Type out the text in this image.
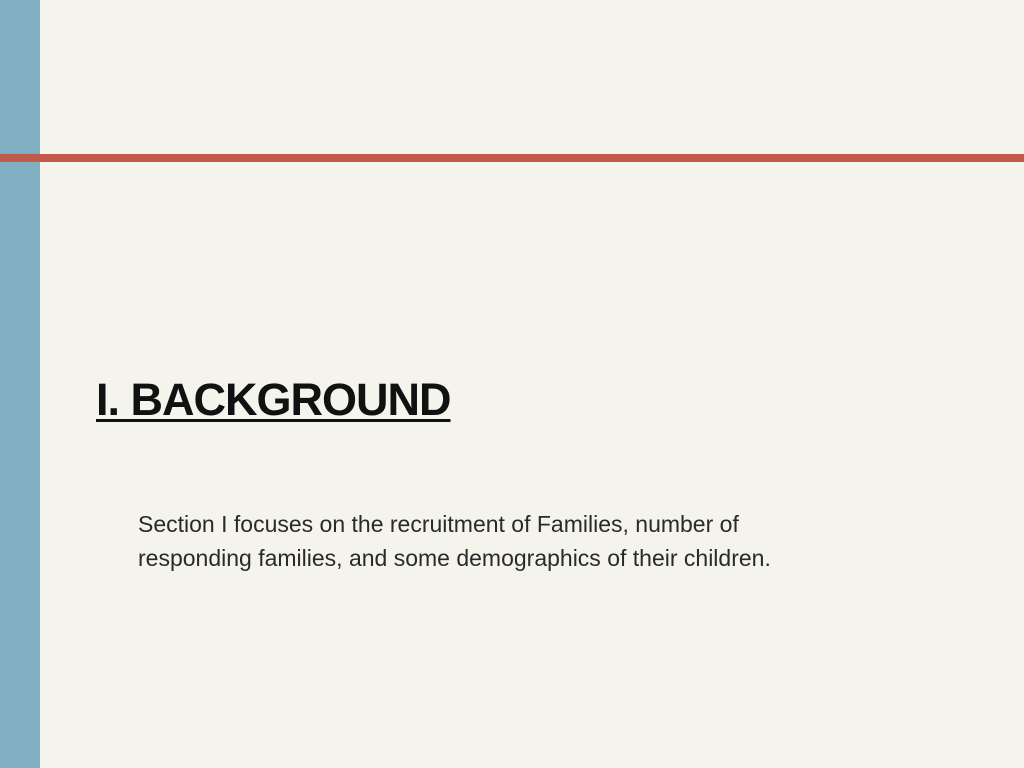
I. BACKGROUND

Section I focuses on the recruitment of Families, number of responding families, and some demographics of their children.
